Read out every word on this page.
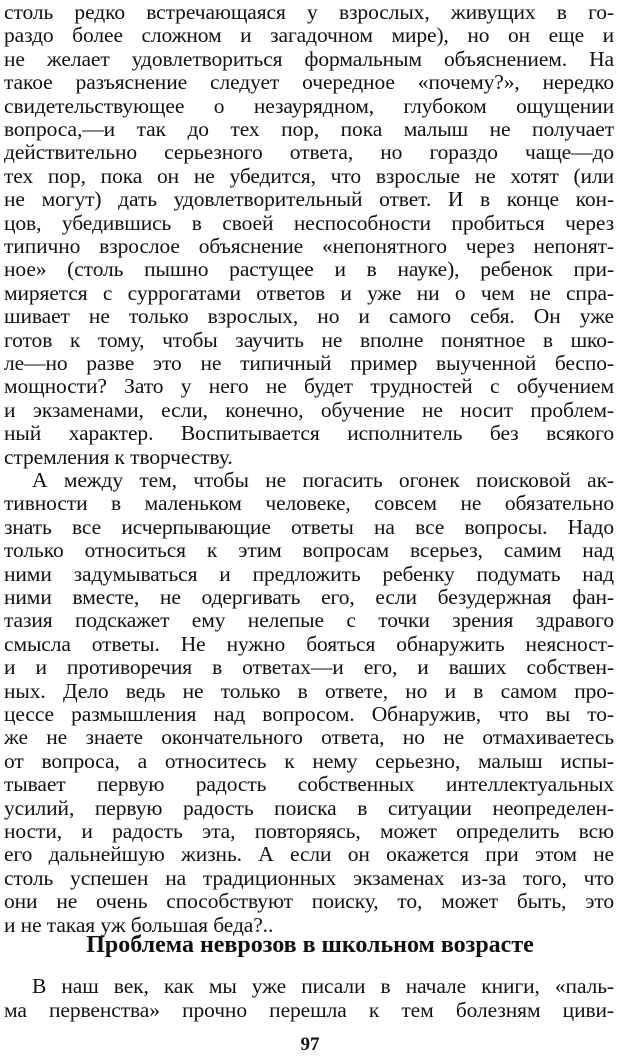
столь редко встречающаяся у взрослых, живущих в го-
раздо более сложном и загадочном мире), но он еще и
не желает удовлетвориться формальным объяснением. На
такое разъяснение следует очередное «почему?», нередко
свидетельствующее о незаурядном, глубоком ощущении
вопроса,—и так до тех пор, пока малыш не получает
действительно серьезного ответа, но гораздо чаще—до
тех пор, пока он не убедится, что взрослые не хотят (или
не могут) дать удовлетворительный ответ. И в конце кон-
цов, убедившись в своей неспособности пробиться через
типично взрослое объяснение «непонятного через непонят-
ное» (столь пышно растущее и в науке), ребенок при-
миряется с суррогатами ответов и уже ни о чем не спра-
шивает не только взрослых, но и самого себя. Он уже
готов к тому, чтобы заучить не вполне понятное в шко-
ле—но разве это не типичный пример выученной беспо-
мощности? Зато у него не будет трудностей с обучением
и экзаменами, если, конечно, обучение не носит проблем-
ный характер. Воспитывается исполнитель без всякого
стремления к творчеству.
А между тем, чтобы не погасить огонек поисковой ак-
тивности в маленьком человеке, совсем не обязательно
знать все исчерпывающие ответы на все вопросы. Надо
только относиться к этим вопросам всерьез, самим над
ними задумываться и предложить ребенку подумать над
ними вместе, не одергивать его, если безудержная фан-
тазия подскажет ему нелепые с точки зрения здравого
смысла ответы. Не нужно бояться обнаружить неясност-
и и противоречия в ответах—и его, и ваших собствен-
ных. Дело ведь не только в ответе, но и в самом про-
цессе размышления над вопросом. Обнаружив, что вы то-
же не знаете окончательного ответа, но не отмахиваетесь
от вопроса, а относитесь к нему серьезно, малыш испы-
тывает первую радость собственных интеллектуальных
усилий, первую радость поиска в ситуации неопределен-
ности, и радость эта, повторяясь, может определить всю
его дальнейшую жизнь. А если он окажется при этом не
столь успешен на традиционных экзаменах из-за того, что
они не очень способствуют поиску, то, может быть, это
и не такая уж большая беда?..
Проблема неврозов в школьном возрасте
В наш век, как мы уже писали в начале книги, «паль-
ма первенства» прочно перешла к тем болезням циви-
97
